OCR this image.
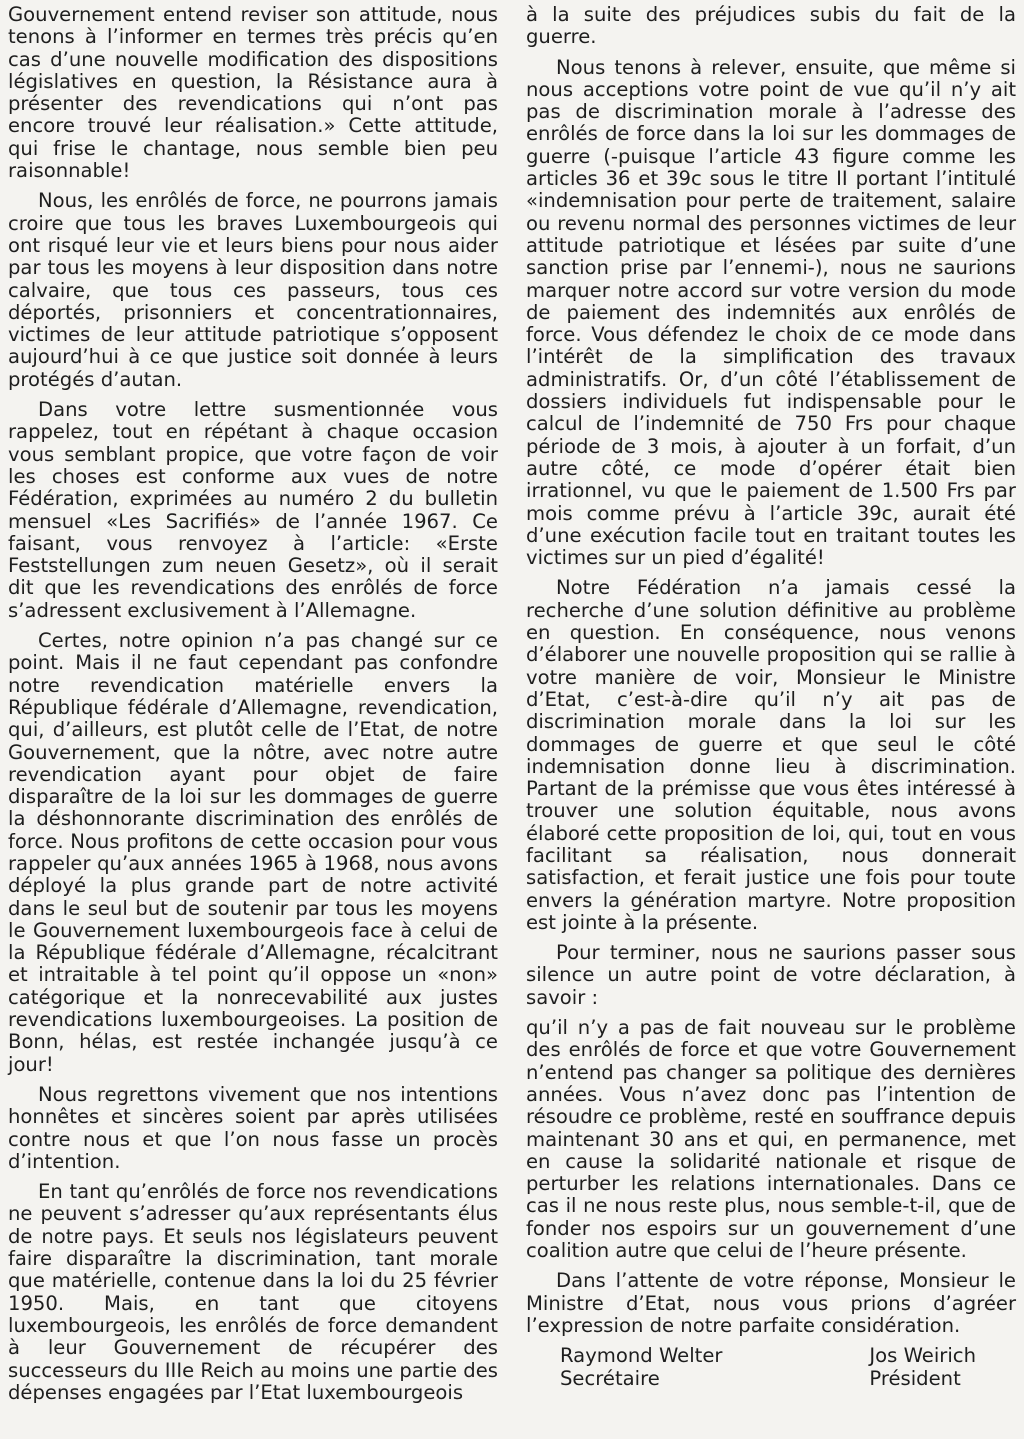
Gouvernement entend reviser son attitude, nous tenons à l’informer en termes très précis qu’en cas d’une nouvelle modification des dispositions législatives en question, la Résistance aura à présenter des revendications qui n’ont pas encore trouvé leur réalisation.» Cette attitude, qui frise le chantage, nous semble bien peu raisonnable!

Nous, les enrôlés de force, ne pourrons jamais croire que tous les braves Luxembourgeois qui ont risqué leur vie et leurs biens pour nous aider par tous les moyens à leur disposition dans notre calvaire, que tous ces passeurs, tous ces déportés, prisonniers et concentrationnaires, victimes de leur attitude patriotique s’opposent aujourd’hui à ce que justice soit donnée à leurs protégés d’autan.

Dans votre lettre susmentionnée vous rappelez, tout en répétant à chaque occasion vous semblant propice, que votre façon de voir les choses est conforme aux vues de notre Fédération, exprimées au numéro 2 du bulletin mensuel «Les Sacrifiés» de l’année 1967. Ce faisant, vous renvoyez à l’article: «Erste Feststellungen zum neuen Gesetz», où il serait dit que les revendications des enrôlés de force s’adressent exclusivement à l’Allemagne.

Certes, notre opinion n’a pas changé sur ce point. Mais il ne faut cependant pas confondre notre revendication matérielle envers la République fédérale d’Allemagne, revendication, qui, d’ailleurs, est plutôt celle de l’Etat, de notre Gouvernement, que la nôtre, avec notre autre revendication ayant pour objet de faire disparaître de la loi sur les dommages de guerre la déshonnorante discrimination des enrôlés de force. Nous profitons de cette occasion pour vous rappeler qu’aux années 1965 à 1968, nous avons déployé la plus grande part de notre activité dans le seul but de soutenir par tous les moyens le Gouvernement luxembourgeois face à celui de la République fédérale d’Allemagne, récalcitrant et intraitable à tel point qu’il oppose un «non» catégorique et la nonrecevabilité aux justes revendications luxembourgeoises. La position de Bonn, hélas, est restée inchangée jusqu’à ce jour!

Nous regrettons vivement que nos intentions honnêtes et sincères soient par après utilisées contre nous et que l’on nous fasse un procès d’intention.

En tant qu’enrôlés de force nos revendications ne peuvent s’adresser qu’aux représentants élus de notre pays. Et seuls nos législateurs peuvent faire disparaître la discrimination, tant morale que matérielle, contenue dans la loi du 25 février 1950. Mais, en tant que citoyens luxembourgeois, les enrôlés de force demandent à leur Gouvernement de récupérer des successeurs du IIIe Reich au moins une partie des dépenses engagées par l’Etat luxembourgeois

à la suite des préjudices subis du fait de la guerre.

Nous tenons à relever, ensuite, que même si nous acceptions votre point de vue qu’il n’y ait pas de discrimination morale à l’adresse des enrôlés de force dans la loi sur les dommages de guerre (-puisque l’article 43 figure comme les articles 36 et 39c sous le titre II portant l’intitulé «indemnisation pour perte de traitement, salaire ou revenu normal des personnes victimes de leur attitude patriotique et lésées par suite d’une sanction prise par l’ennemi-), nous ne saurions marquer notre accord sur votre version du mode de paiement des indemnités aux enrôlés de force. Vous défendez le choix de ce mode dans l’intérêt de la simplification des travaux administratifs. Or, d’un côté l’établissement de dossiers individuels fut indispensable pour le calcul de l’indemnité de 750 Frs pour chaque période de 3 mois, à ajouter à un forfait, d’un autre côté, ce mode d’opérer était bien irrationnel, vu que le paiement de 1.500 Frs par mois comme prévu à l’article 39c, aurait été d’une exécution facile tout en traitant toutes les victimes sur un pied d’égalité!

Notre Fédération n’a jamais cessé la recherche d’une solution définitive au problème en question. En conséquence, nous venons d’élaborer une nouvelle proposition qui se rallie à votre manière de voir, Monsieur le Ministre d’Etat, c’est-à-dire qu’il n’y ait pas de discrimination morale dans la loi sur les dommages de guerre et que seul le côté indemnisation donne lieu à discrimination. Partant de la prémisse que vous êtes intéressé à trouver une solution équitable, nous avons élaboré cette proposition de loi, qui, tout en vous facilitant sa réalisation, nous donnerait satisfaction, et ferait justice une fois pour toute envers la génération martyre. Notre proposition est jointe à la présente.

Pour terminer, nous ne saurions passer sous silence un autre point de votre déclaration, à savoir :

qu’il n’y a pas de fait nouveau sur le problème des enrôlés de force et que votre Gouvernement n’entend pas changer sa politique des dernières années. Vous n’avez donc pas l’intention de résoudre ce problème, resté en souffrance depuis maintenant 30 ans et qui, en permanence, met en cause la solidarité nationale et risque de perturber les relations internationales. Dans ce cas il ne nous reste plus, nous semble-t-il, que de fonder nos espoirs sur un gouvernement d’une coalition autre que celui de l’heure présente.

Dans l’attente de votre réponse, Monsieur le Ministre d’Etat, nous vous prions d’agréer l’expression de notre parfaite considération.

Raymond Welter
Secrétaire
Jos Weirich
Président
